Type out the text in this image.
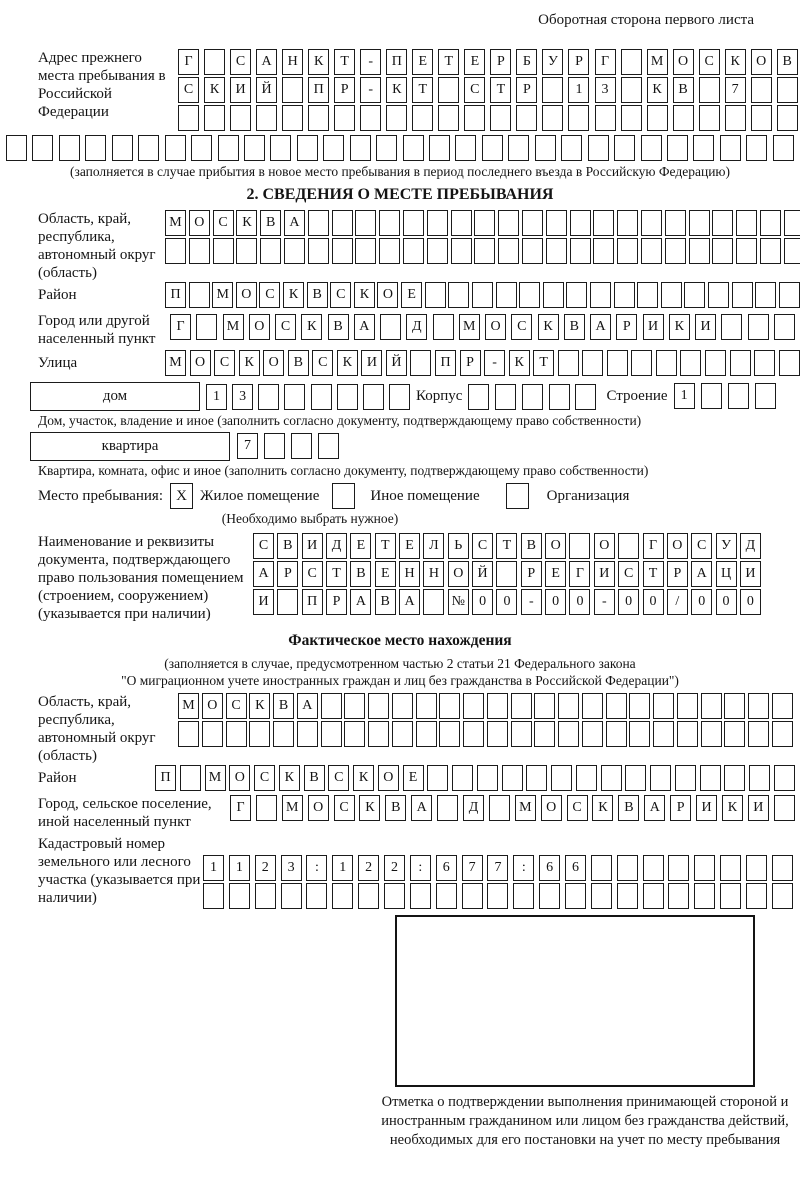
Оборотная сторона первого листа
Адрес прежнего места пребывания в Российской Федерации
Г	С	А	Н	К	Т	-	П	Е	Т	Е	Р	Б	У	Р	Г	М	О	С	К	О	В
С	К	И	Й	П	Р	-	К	Т	С	Т	Р	1	3	К	В	7
(заполняется в случае прибытия в новое место пребывания в период последнего въезда в Российскую Федерацию)
2. СВЕДЕНИЯ О МЕСТЕ ПРЕБЫВАНИЯ
Область, край, республика, автономный округ (область)
М О	С	К	В	А
Район	П	М О С	К	В	С	К О	Е
Город или другой населенный пункт
Г	М	О	С	К	В	А	Д	М	О	С	К	В	А	Р	И	К	И
Улица	М О	С	К	О	В	С	К	И	Й	П	Р	-	К	Т
дом	1	3	Корпус	Строение 1
Дом, участок, владение и иное (заполнить согласно документу, подтверждающему право собственности)
квартира	7
Квартира, комната, офис и иное (заполнить согласно документу, подтверждающему право собственности)
Место пребывания: X Жилое помещение	Иное помещение	Организация
(Необходимо выбрать нужное)
Наименование и реквизиты документа, подтверждающего право пользования помещением (строением, сооружением) (указывается при наличии)
С	В	И	Д	Е	Т	Е	Л	Ь	С	Т	В	О	О	Г	О	С	У	Д
А	Р	С	Т	В	Е	Н	Н	О	Й	Р	Е	Г	И	С	Т	Р	А	Ц	И
И	П	Р	А	В	А	№	0	0	-	0	0	-	0	0	/	0	0	0
Фактическое место нахождения
(заполняется в случае, предусмотренном частью 2 статьи 21 Федерального закона
"О миграционном учете иностранных граждан и лиц без гражданства в Российской Федерации")
Область, край, республика, автономный округ (область)
М О	С	К	В	А
Район	П	М О	С	К	В	С	К	О	Е
Город, сельское поселение, иной населенный пункт
Г	М	О	С	К	В	А	Д	М	О	С	К	В	А	Р	И	К	И
Кадастровый номер земельного или лесного участка (указывается при наличии)
1	1	2	3	:	1	2	2	:	6	7	7	:	6	6
Отметка о подтверждении выполнения принимающей стороной и иностранным гражданином или лицом без гражданства действий, необходимых для его постановки на учет по месту пребывания
